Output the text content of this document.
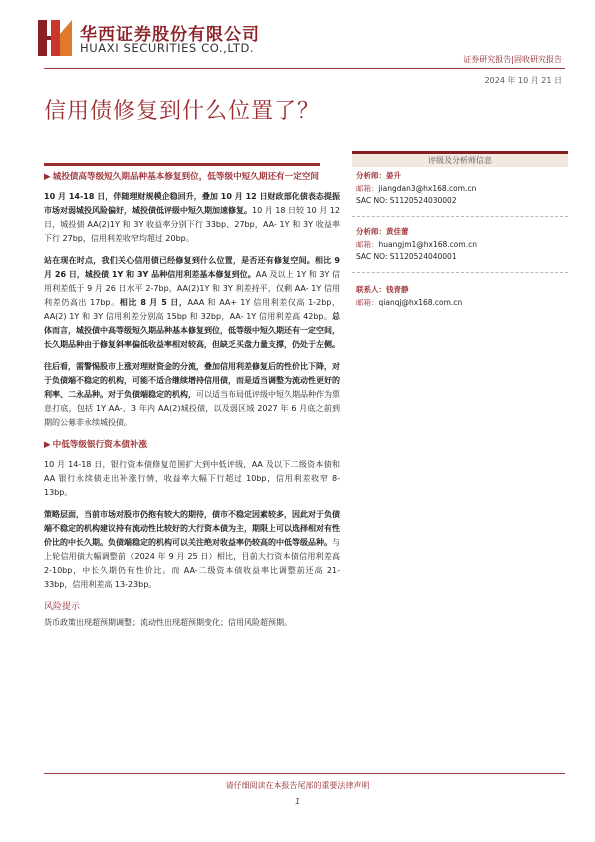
华西证券股份有限公司
HUAXI SECURITIES CO.,LTD.
证券研究报告|固收研究报告
2024 年 10 月 21 日
信用债修复到什么位置了？
▶ 城投债高等级短久期品种基本修复到位，低等级中短久期还有一定空间

10 月 14-18 日，伴随理财规模企稳回升，叠加 10 月 12 日财政部化债表态提振市场对弱城投风险偏好，城投债低评级中短久期加速修复。10 月 18 日较 10 月 12 日，城投债 AA(2)1Y 和 3Y 收益率分别下行 33bp、27bp，AA- 1Y 和 3Y 收益率下行 27bp，信用利差收窄均超过 20bp。

站在现在时点，我们关心信用债已经修复到什么位置，是否还有修复空间。相比 9 月 26 日，城投债 1Y 和 3Y 品种信用利差基本修复到位。AA 及以上 1Y 和 3Y 信用利差低于 9 月 26 日水平 2-7bp，AA(2)1Y 和 3Y 利差持平，仅剩 AA- 1Y 信用利差仍高出 17bp。相比 8 月 5 日，AAA 和 AA+ 1Y 信用利差仅高 1-2bp，AA(2) 1Y 和 3Y 信用利差分别高 15bp 和 32bp，AA- 1Y 信用利差高 42bp。总体而言，城投债中高等级短久期品种基本修复到位，低等级中短久期还有一定空间，长久期品种由于修复斜率偏低收益率相对较高，但缺乏买盘力量支撑，仍处于左侧。

往后看，需警惕股市上涨对理财资金的分流，叠加信用利差修复后的性价比下降，对于负债端不稳定的机构，可能不适合继续增持信用债，而是适当调整为流动性更好的利率、二永品种。对于负债端稳定的机构，可以适当布局低评级中短久期品种作为票息打底，包括 1Y AA-、3 年内 AA(2)城投债，以及弱区域 2027 年 6 月底之前到期的公募非永续城投债。

▶ 中低等级银行资本债补涨

10 月 14-18 日，银行资本债修复范围扩大到中低评级，AA 及以下二级资本债和 AA 银行永续债走出补涨行情，收益率大幅下行超过 10bp，信用利差收窄 8-13bp。

策略层面，当前市场对股市仍抱有较大的期待，债市不稳定因素较多，因此对于负债端不稳定的机构建议持有流动性比较好的大行资本债为主，期限上可以选择相对有性价比的中长久期。负债端稳定的机构可以关注绝对收益率仍较高的中低等级品种。与上轮信用债大幅调整前（2024 年 9 月 25 日）相比，目前大行资本债信用利差高 2-10bp，中长久期仍有性价比。而 AA-二级资本债收益率比调整前还高 21-33bp，信用利差高 13-23bp。

风险提示

货币政策出现超预期调整；流动性出现超预期变化；信用风险超预期。

评级及分析师信息
分析师：晏升
邮箱：jiangdan3@hx168.com.cn
SAC NO: S1120524030002
分析师：黄佳蕾
邮箱：huangjm1@hx168.com.cn
SAC NO: S1120524040001
联系人：钱青静
邮箱：qianqj@hx168.com.cn
请仔细阅读在本报告尾部的重要法律声明
1
